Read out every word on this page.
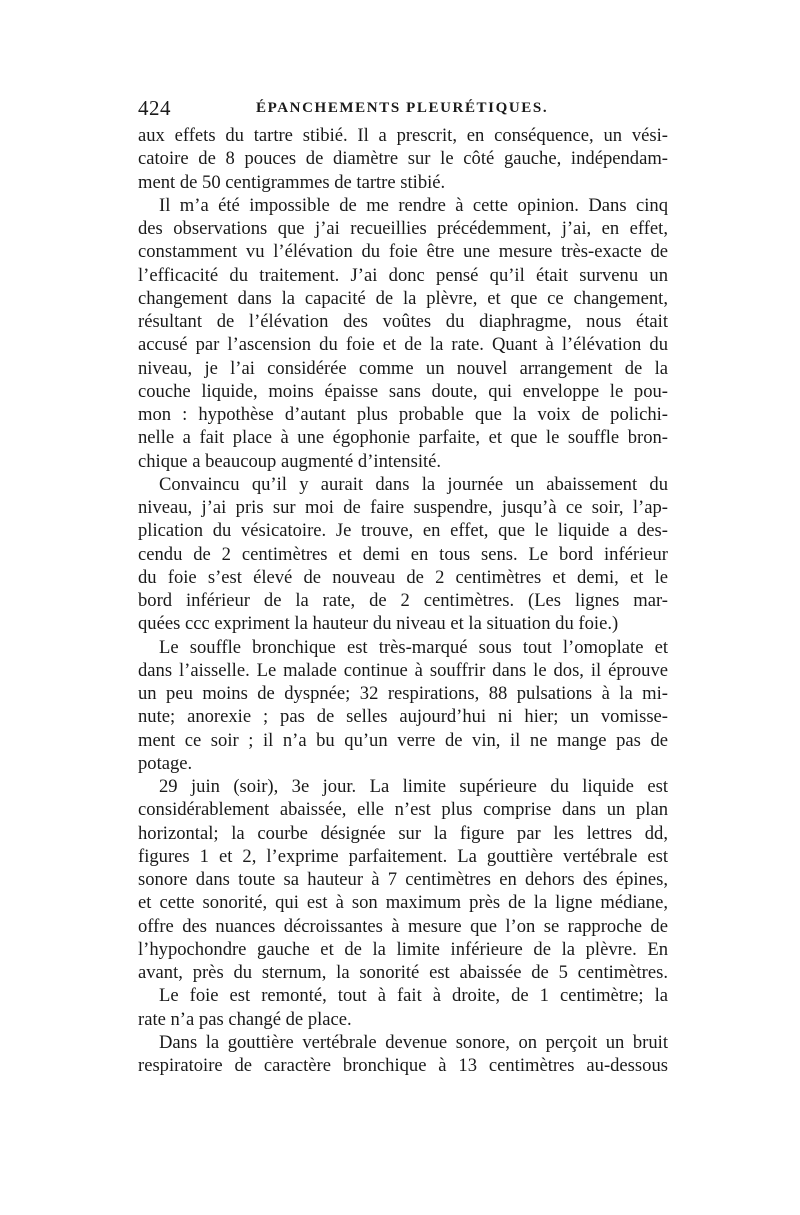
424	ÉPANCHEMENTS PLEURÉTIQUES.
aux effets du tartre stibié. Il a prescrit, en conséquence, un vési-
catoire de 8 pouces de diamètre sur le côté gauche, indépendam-
ment de 50 centigrammes de tartre stibié.
Il m’a été impossible de me rendre à cette opinion. Dans cinq
des observations que j’ai recueillies précédemment, j’ai, en effet,
constamment vu l’élévation du foie être une mesure très-exacte de
l’efficacité du traitement. J’ai donc pensé qu’il était survenu un
changement dans la capacité de la plèvre, et que ce changement,
résultant de l’élévation des voûtes du diaphragme, nous était
accusé par l’ascension du foie et de la rate. Quant à l’élévation du
niveau, je l’ai considérée comme un nouvel arrangement de la
couche liquide, moins épaisse sans doute, qui enveloppe le pou-
mon : hypothèse d’autant plus probable que la voix de polichi-
nelle a fait place à une égophonie parfaite, et que le souffle bron-
chique a beaucoup augmenté d’intensité.
Convaincu qu’il y aurait dans la journée un abaissement du
niveau, j’ai pris sur moi de faire suspendre, jusqu’à ce soir, l’ap-
plication du vésicatoire. Je trouve, en effet, que le liquide a des-
cendu de 2 centimètres et demi en tous sens. Le bord inférieur
du foie s’est élevé de nouveau de 2 centimètres et demi, et le
bord inférieur de la rate, de 2 centimètres. (Les lignes mar-
quées ccc expriment la hauteur du niveau et la situation du foie.)
Le souffle bronchique est très-marqué sous tout l’omoplate et
dans l’aisselle. Le malade continue à souffrir dans le dos, il éprouve
un peu moins de dyspnée; 32 respirations, 88 pulsations à la mi-
nute; anorexie ; pas de selles aujourd’hui ni hier; un vomisse-
ment ce soir ; il n’a bu qu’un verre de vin, il ne mange pas de
potage.
29 juin (soir), 3e jour. La limite supérieure du liquide est
considérablement abaissée, elle n’est plus comprise dans un plan
horizontal; la courbe désignée sur la figure par les lettres dd,
figures 1 et 2, l’exprime parfaitement. La gouttière vertébrale est
sonore dans toute sa hauteur à 7 centimètres en dehors des épines,
et cette sonorité, qui est à son maximum près de la ligne médiane,
offre des nuances décroissantes à mesure que l’on se rapproche de
l’hypochondre gauche et de la limite inférieure de la plèvre. En
avant, près du sternum, la sonorité est abaissée de 5 centimètres.
Le foie est remonté, tout à fait à droite, de 1 centimètre; la
rate n’a pas changé de place.
Dans la gouttière vertébrale devenue sonore, on perçoit un bruit
respiratoire de caractère bronchique à 13 centimètres au-dessous
